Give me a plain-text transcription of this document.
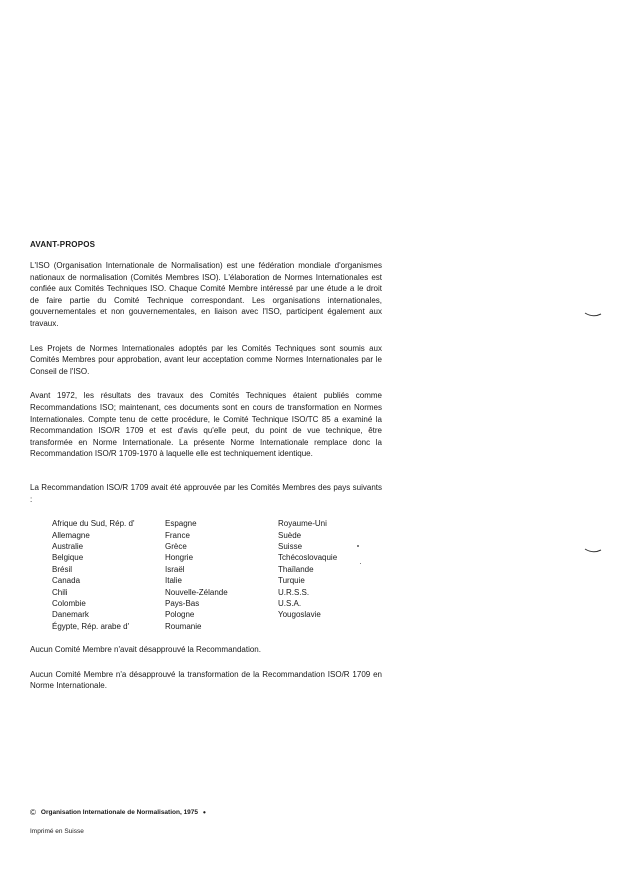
AVANT-PROPOS

L'ISO (Organisation Internationale de Normalisation) est une fédération mondiale d'organismes nationaux de normalisation (Comités Membres ISO). L'élaboration de Normes Internationales est confiée aux Comités Techniques ISO. Chaque Comité Membre intéressé par une étude a le droit de faire partie du Comité Technique correspondant. Les organisations internationales, gouvernementales et non gouvernementales, en liaison avec l'ISO, participent également aux travaux.

Les Projets de Normes Internationales adoptés par les Comités Techniques sont soumis aux Comités Membres pour approbation, avant leur acceptation comme Normes Internationales par le Conseil de l'ISO.

Avant 1972, les résultats des travaux des Comités Techniques étaient publiés comme Recommandations ISO; maintenant, ces documents sont en cours de transformation en Normes Internationales. Compte tenu de cette procédure, le Comité Technique ISO/TC 85 a examiné la Recommandation ISO/R 1709 et est d'avis qu'elle peut, du point de vue technique, être transformée en Norme Internationale. La présente Norme Internationale remplace donc la Recommandation ISO/R 1709-1970 à laquelle elle est techniquement identique.

La Recommandation ISO/R 1709 avait été approuvée par les Comités Membres des pays suivants :

Afrique du Sud, Rép. d'
Allemagne
Australie
Belgique
Brésil
Canada
Chili
Colombie
Danemark
Égypte, Rép. arabe d'
Espagne
France
Grèce
Hongrie
Israël
Italie
Nouvelle-Zélande
Pays-Bas
Pologne
Roumanie
Royaume-Uni
Suède
Suisse
Tchécoslovaquie
Thaïlande
Turquie
U.R.S.S.
U.S.A.
Yougoslavie

Aucun Comité Membre n'avait désapprouvé la Recommandation.

Aucun Comité Membre n'a désapprouvé la transformation de la Recommandation ISO/R 1709 en Norme Internationale.

© Organisation Internationale de Normalisation, 1975 •
Imprimé en Suisse
